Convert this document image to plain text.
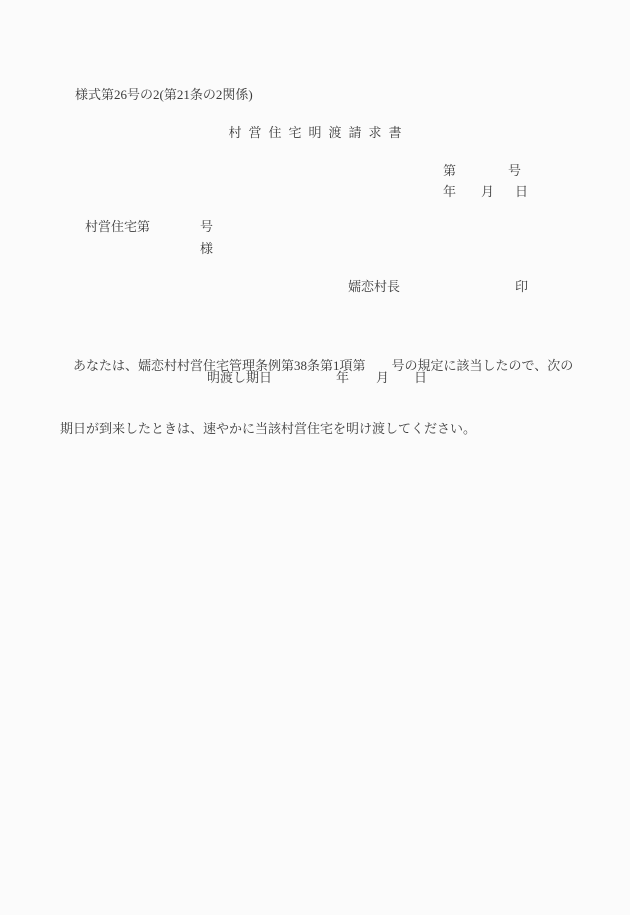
様式第26号の2(第21条の2関係)
村営住宅明渡請求書
第	号
年 月 日
村営住宅第	号
様
嬬恋村長	印

　あなたは、嬬恋村村営住宅管理条例第38条第1項第　　号の規定に該当したので、次の

期日が到来したときは、速やかに当該村営住宅を明け渡してください。

明渡し期日	年 月 日
